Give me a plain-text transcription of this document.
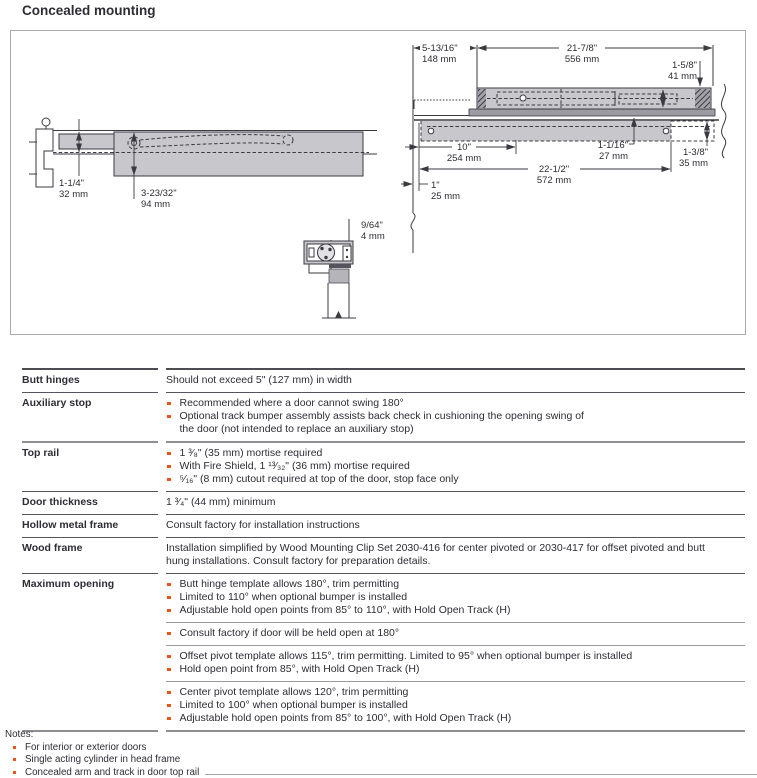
Concealed mounting
1-1/4"
32 mm	3-23/32"
94 mm
5-13/16"
148 mm
21-7/8"
556 mm
1-5/8"
41 mm
10"
254 mm
1-1/16"
27 mm	1-3/8"
35 mm
22-1/2"
572 mm
1"
25 mm
9/64"
4 mm
Butt hinges	Should not exceed 5" (127 mm) in width
Auxiliary stop	Recommended where a door cannot swing 180°
Optional track bumper assembly assists back check in cushioning the opening swing of the door (not intended to replace an auxiliary stop)
Top rail	1 ³⁄₈" (35 mm) mortise required
With Fire Shield, 1 ¹³⁄₃₂" (36 mm) mortise required
⁵⁄₁₆" (8 mm) cutout required at top of the door, stop face only
Door thickness	1 ³⁄₄" (44 mm) minimum
Hollow metal frame	Consult factory for installation instructions
Wood frame	Installation simplified by Wood Mounting Clip Set 2030-416 for center pivoted or 2030-417 for offset pivoted and butt hung installations. Consult factory for preparation details.
Maximum opening	Butt hinge template allows 180°, trim permitting
Limited to 110° when optional bumper is installed
Adjustable hold open points from 85° to 110°, with Hold Open Track (H)
Consult factory if door will be held open at 180°
Offset pivot template allows 115°, trim permitting. Limited to 95° when optional bumper is installed
Hold open point from 85°, with Hold Open Track (H)
Center pivot template allows 120°, trim permitting
Limited to 100° when optional bumper is installed
Adjustable hold open points from 85° to 100°, with Hold Open Track (H)
Notes:
For interior or exterior doors
Single acting cylinder in head frame
Concealed arm and track in door top rail
